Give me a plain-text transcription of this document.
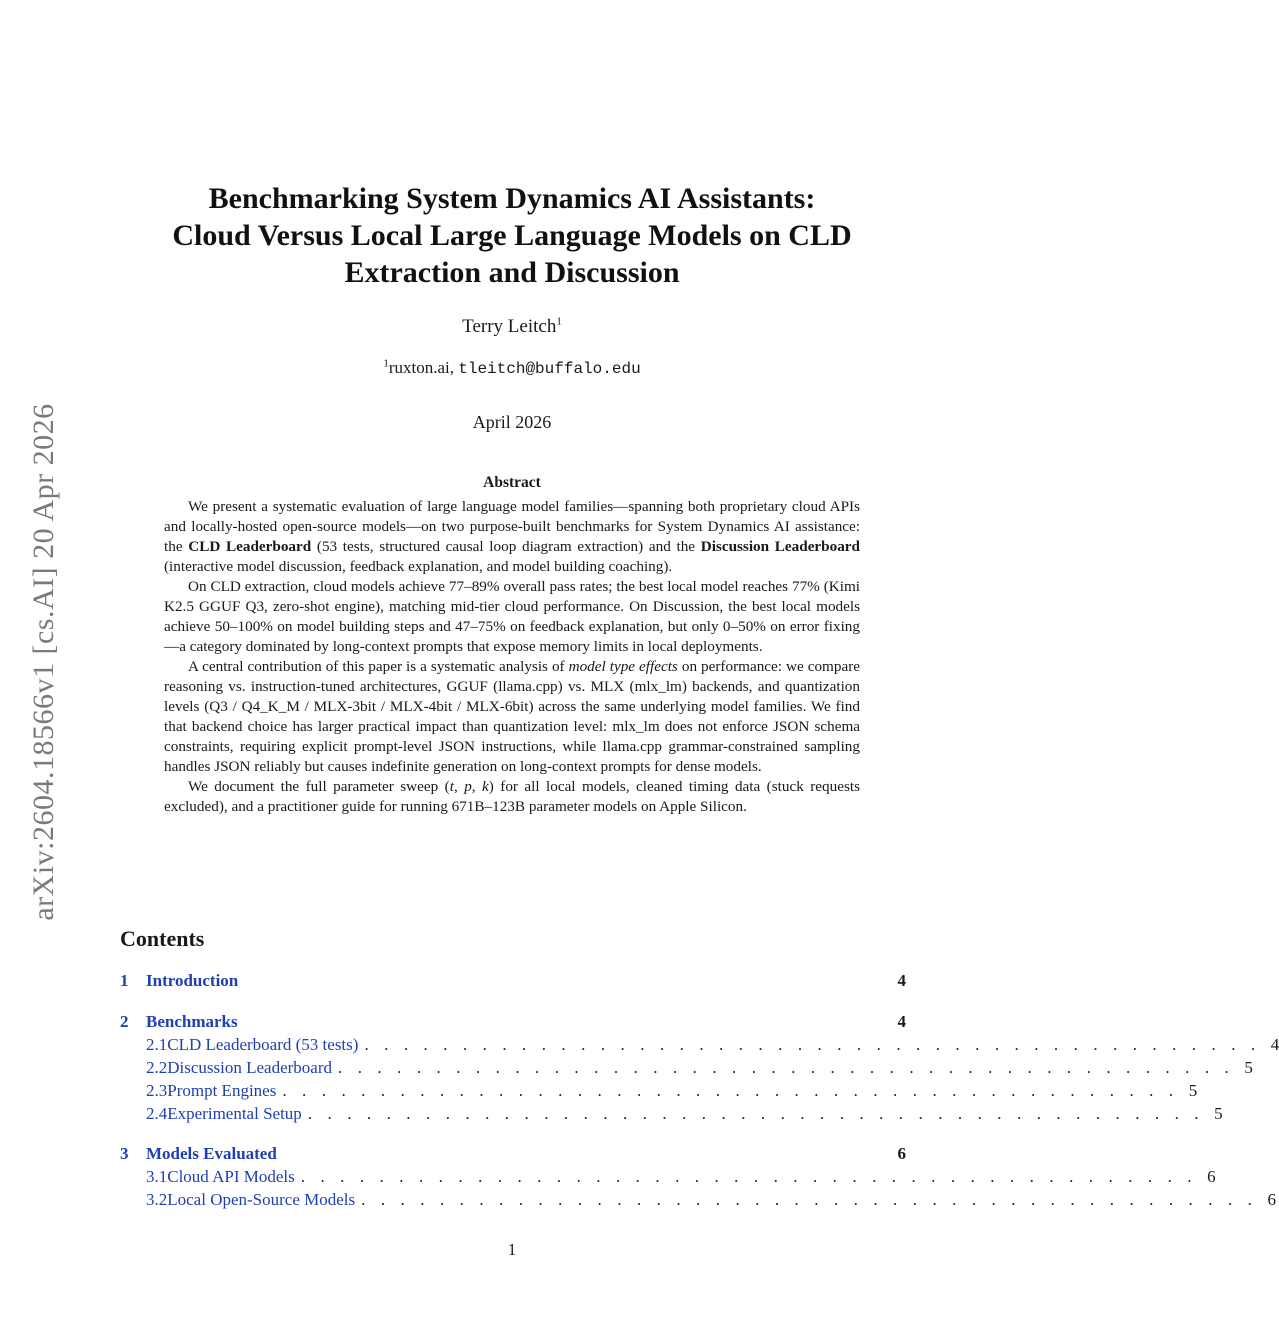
arXiv:2604.18566v1 [cs.AI] 20 Apr 2026
Benchmarking System Dynamics AI Assistants:
Cloud Versus Local Large Language Models on CLD
Extraction and Discussion
Terry Leitch$^1$
$^1$ruxton.ai, tleitch@buffalo.edu
April 2026
Abstract

We present a systematic evaluation of large language model families—spanning both proprietary cloud APIs and locally-hosted open-source models—on two purpose-built benchmarks for System Dynamics AI assistance: the CLD Leaderboard (53 tests, structured causal loop diagram extraction) and the Discussion Leaderboard (interactive model discussion, feedback explanation, and model building coaching).

On CLD extraction, cloud models achieve 77–89% overall pass rates; the best local model reaches 77% (Kimi K2.5 GGUF Q3, zero-shot engine), matching mid-tier cloud performance. On Discussion, the best local models achieve 50–100% on model building steps and 47–75% on feedback explanation, but only 0–50% on error fixing—a category dominated by long-context prompts that expose memory limits in local deployments.

A central contribution of this paper is a systematic analysis of model type effects on performance: we compare reasoning vs. instruction-tuned architectures, GGUF (llama.cpp) vs. MLX (mlx_lm) backends, and quantization levels (Q3 / Q4_K_M / MLX-3bit / MLX-4bit / MLX-6bit) across the same underlying model families. We find that backend choice has larger practical impact than quantization level: mlx_lm does not enforce JSON schema constraints, requiring explicit prompt-level JSON instructions, while llama.cpp grammar-constrained sampling handles JSON reliably but causes indefinite generation on long-context prompts for dense models.

We document the full parameter sweep (t, p, k) for all local models, cleaned timing data (stuck requests excluded), and a practitioner guide for running 671B–123B parameter models on Apple Silicon.

Contents
1	Introduction	4
2	Benchmarks	4
2.1 CLD Leaderboard (53 tests) . . . . . . . . . . . . . . . . . . . . . . . . . . . . . . . . . . . . . . . . . . . . . . 4
2.2 Discussion Leaderboard . . . . . . . . . . . . . . . . . . . . . . . . . . . . . . . . . . . . . . . . . . . . . . 5
2.3 Prompt Engines . . . . . . . . . . . . . . . . . . . . . . . . . . . . . . . . . . . . . . . . . . . . . . 5
2.4 Experimental Setup . . . . . . . . . . . . . . . . . . . . . . . . . . . . . . . . . . . . . . . . . . . . . . 5
3	Models Evaluated	6
3.1 Cloud API Models . . . . . . . . . . . . . . . . . . . . . . . . . . . . . . . . . . . . . . . . . . . . . . 6
3.2 Local Open-Source Models . . . . . . . . . . . . . . . . . . . . . . . . . . . . . . . . . . . . . . . . . . . . . . 6
1
